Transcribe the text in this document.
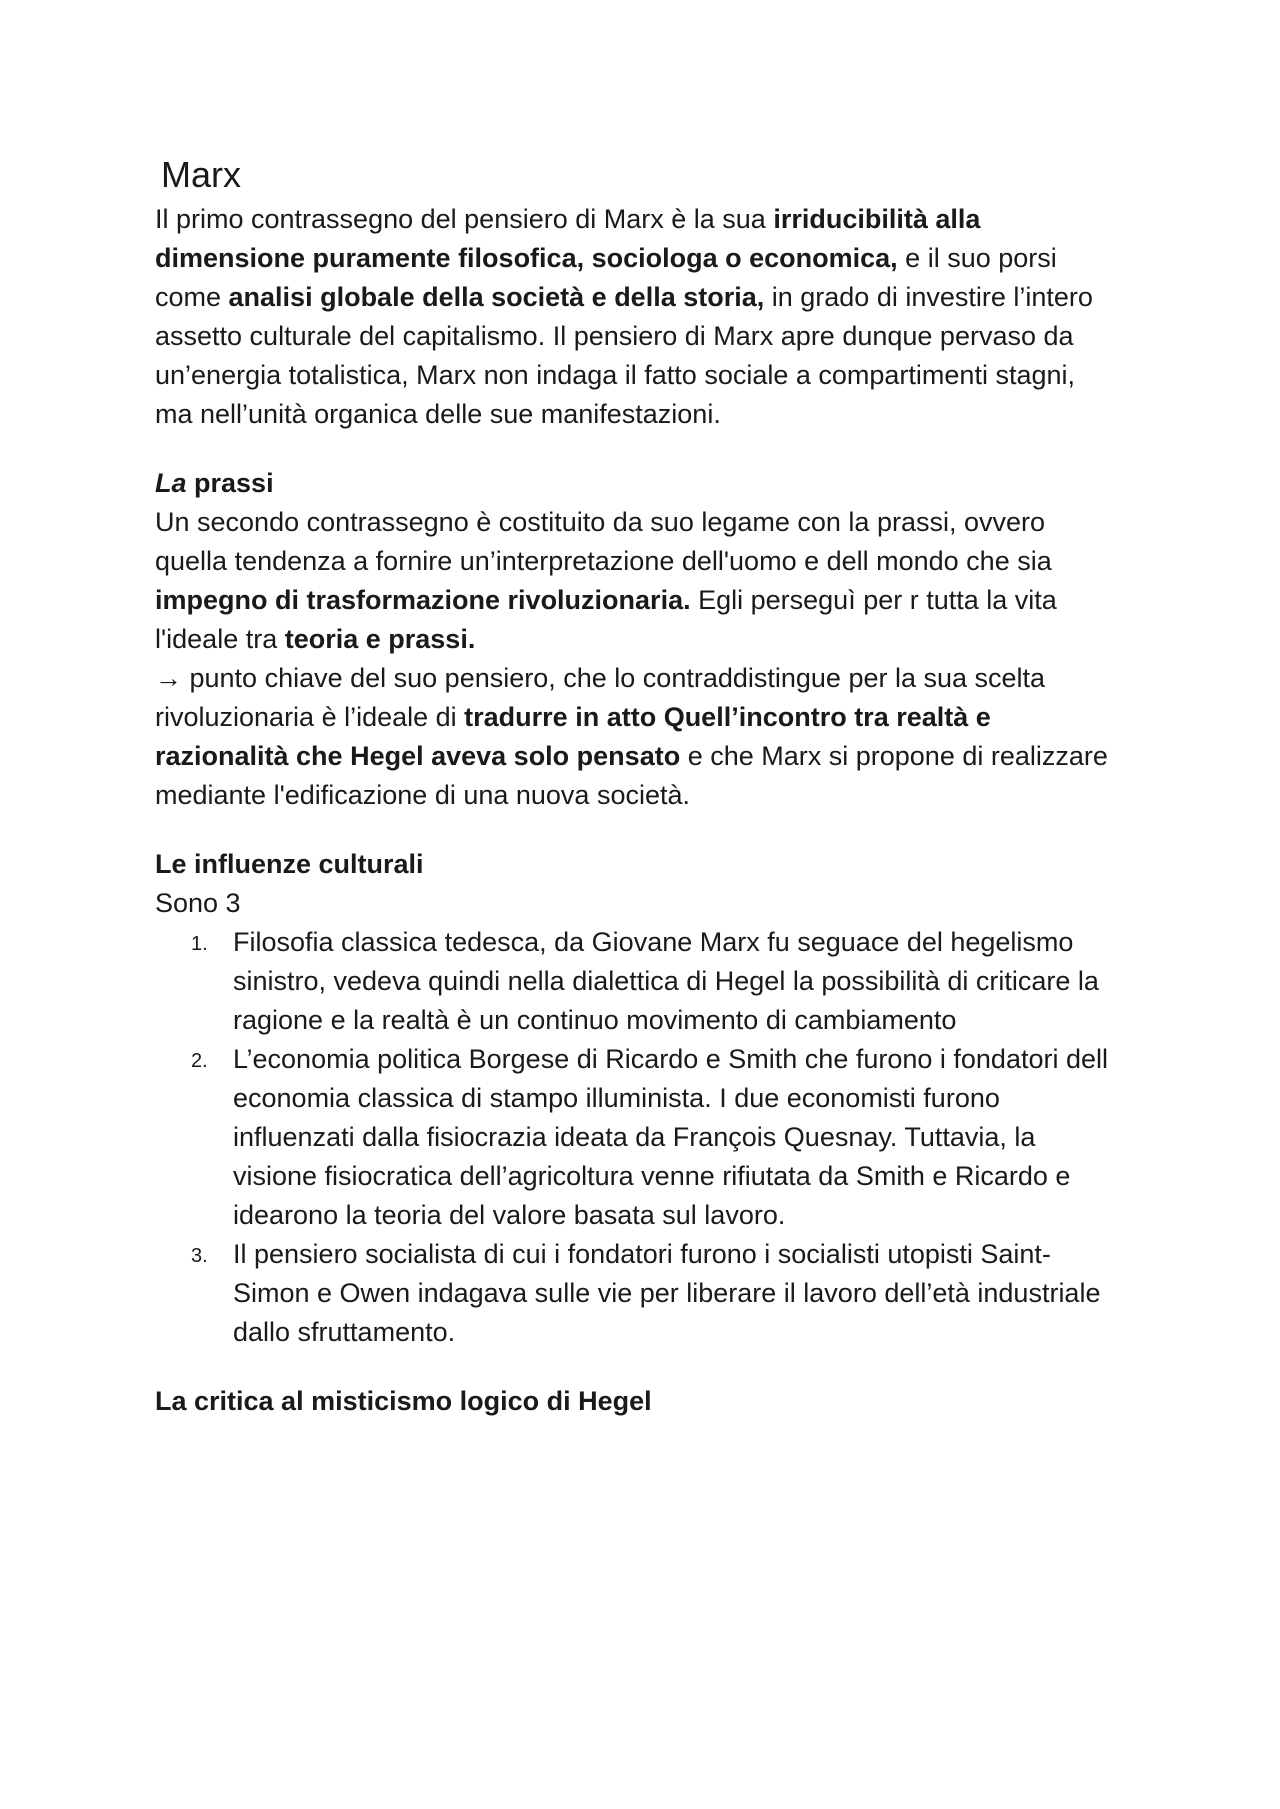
Marx

Il primo contrassegno del pensiero di Marx è la sua irriducibilità alla dimensione puramente filosofica, sociologa o economica, e il suo porsi come analisi globale della società e della storia, in grado di investire l’intero assetto culturale del capitalismo. Il pensiero di Marx apre dunque pervaso da un’energia totalistica, Marx non indaga il fatto sociale a compartimenti stagni, ma nell’unità organica delle sue manifestazioni.

La prassi

Un secondo contrassegno è costituito da suo legame con la prassi, ovvero quella tendenza a fornire un’interpretazione dell'uomo e dell mondo che sia impegno di trasformazione rivoluzionaria. Egli perseguì per r tutta la vita l'ideale tra teoria e prassi.

→ punto chiave del suo pensiero, che lo contraddistingue per la sua scelta rivoluzionaria è l’ideale di tradurre in atto Quell’incontro tra realtà e razionalità che Hegel aveva solo pensato e che Marx si propone di realizzare mediante l'edificazione di una nuova società.

Le influenze culturali

Sono 3

1. Filosofia classica tedesca, da Giovane Marx fu seguace del hegelismo sinistro, vedeva quindi nella dialettica di Hegel la possibilità di criticare la ragione e la realtà è un continuo movimento di cambiamento
2. L’economia politica Borgese di Ricardo e Smith che furono i fondatori dell economia classica di stampo illuminista. I due economisti furono influenzati dalla fisiocrazia ideata da François Quesnay. Tuttavia, la visione fisiocratica dell’agricoltura venne rifiutata da Smith e Ricardo e idearono la teoria del valore basata sul lavoro.
3. Il pensiero socialista di cui i fondatori furono i socialisti utopisti Saint-Simon e Owen indagava sulle vie per liberare il lavoro dell’età industriale dallo sfruttamento.
La critica al misticismo logico di Hegel
